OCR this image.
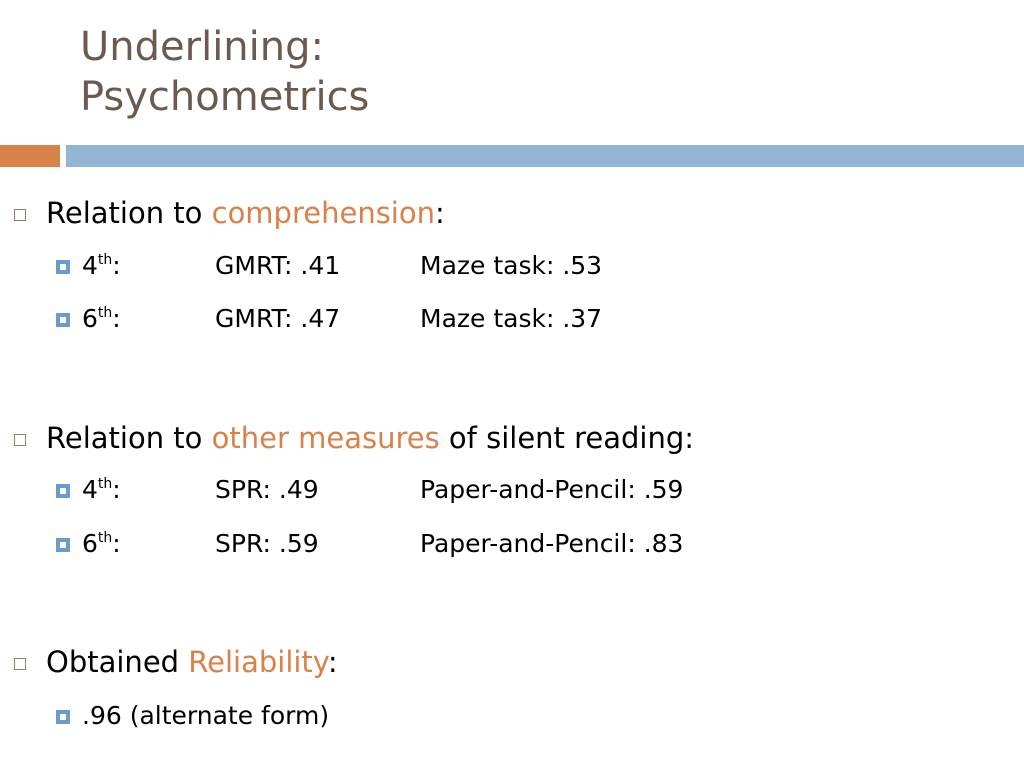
Underlining:
Psychometrics
Relation to comprehension:
4th:	GMRT: .41	Maze task: .53
6th:	GMRT: .47	Maze task: .37
Relation to other measures of silent reading:
4th:	SPR: .49	Paper-and-Pencil: .59
6th:	SPR: .59	Paper-and-Pencil: .83
Obtained Reliability:
.96 (alternate form)
